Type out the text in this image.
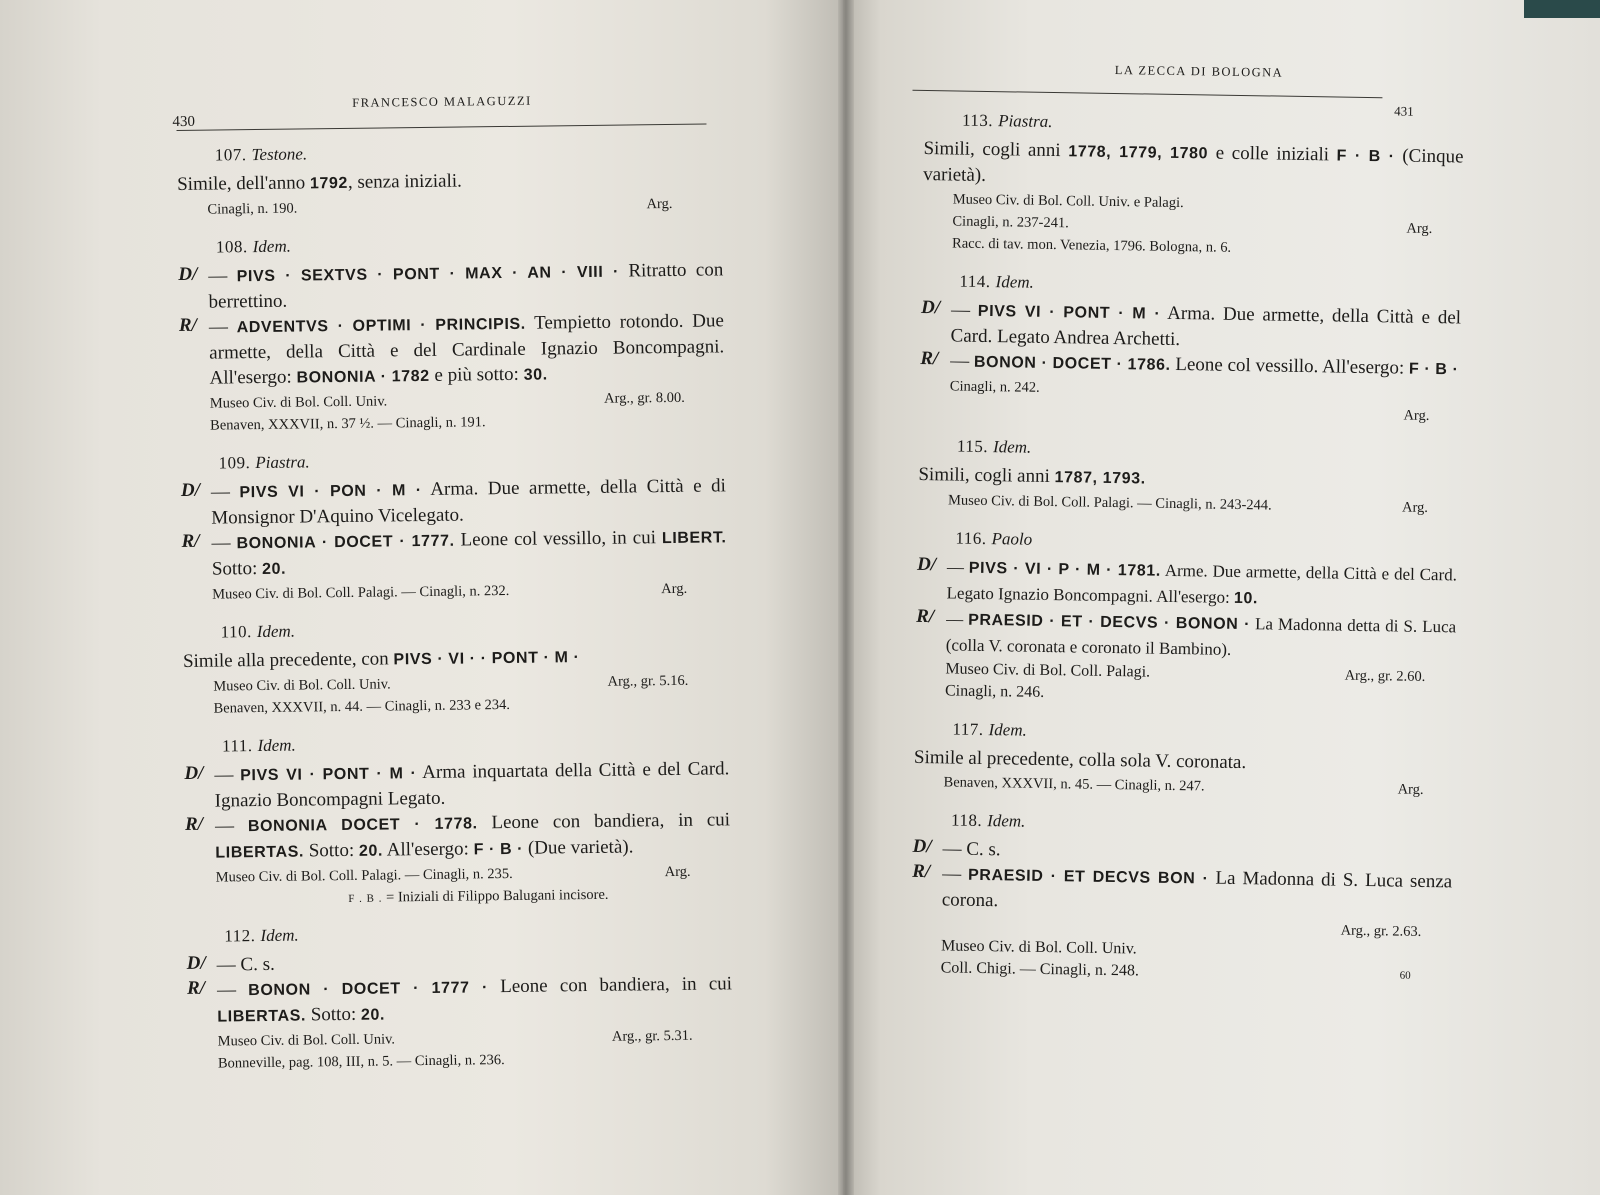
430
FRANCESCO MALAGUZZI
107. Testone.
Simile, dell'anno 1792, senza iniziali.
Cinagli, n. 190.	Arg.
108. Idem.
D/ — PIVS · SEXTVS · PONT · MAX · AN · VIII · Ritratto con berrettino.
R/ — ADVENTVS · OPTIMI · PRINCIPIS. Tempietto rotondo. Due armette, della Città e del Cardinale Ignazio Boncompagni. All'esergo: BONONIA · 1782 e più sotto: 30.
Museo Civ. di Bol. Coll. Univ.	Arg., gr. 8.00.
Benaven, XXXVII, n. 37 ½. — Cinagli, n. 191.
109. Piastra.
D/ — PIVS VI · PON · M · Arma. Due armette, della Città e di Monsignor D'Aquino Vicelegato.
R/ — BONONIA · DOCET · 1777. Leone col vessillo, in cui LIBERT. Sotto: 20.
Museo Civ. di Bol. Coll. Palagi. — Cinagli, n. 232.	Arg.
110. Idem.
Simile alla precedente, con PIVS · VI · · PONT · M ·
Museo Civ. di Bol. Coll. Univ.	Arg., gr. 5.16.
Benaven, XXXVII, n. 44. — Cinagli, n. 233 e 234.
111. Idem.
D/ — PIVS VI · PONT · M · Arma inquartata della Città e del Card. Ignazio Boncompagni Legato.
R/ — BONONIA DOCET · 1778. Leone con bandiera, in cui LIBERTAS. Sotto: 20. All'esergo: F · B · (Due varietà).
Museo Civ. di Bol. Coll. Palagi. — Cinagli, n. 235.	Arg.
F . B . = Iniziali di Filippo Balugani incisore.
112. Idem.
D/ — C. s.
R/ — BONON · DOCET · 1777 · Leone con bandiera, in cui LIBERTAS. Sotto: 20.
Museo Civ. di Bol. Coll. Univ.	Arg., gr. 5.31.
Bonneville, pag. 108, III, n. 5. — Cinagli, n. 236.
LA ZECCA DI BOLOGNA
431
113. Piastra.
Simili, cogli anni 1778, 1779, 1780 e colle iniziali F · B · (Cinque varietà).
Museo Civ. di Bol. Coll. Univ. e Palagi.
Cinagli, n. 237-241.	Arg.
Racc. di tav. mon. Venezia, 1796. Bologna, n. 6.
114. Idem.
D/ — PIVS VI · PONT · M · Arma. Due armette, della Città e del Card. Legato Andrea Archetti.
R/ — BONON · DOCET · 1786. Leone col vessillo. All'esergo: F · B ·
Cinagli, n. 242.
Arg.
115. Idem.
Simili, cogli anni 1787, 1793.
Museo Civ. di Bol. Coll. Palagi. — Cinagli, n. 243-244.	Arg.
116. Paolo
D/ — PIVS · VI · P · M · 1781. Arme. Due armette, della Città e del Card. Legato Ignazio Boncompagni. All'esergo: 10.
R/ — PRAESID · ET · DECVS · BONON · La Madonna detta di S. Luca (colla V. coronata e coronato il Bambino).
Museo Civ. di Bol. Coll. Palagi.	Arg., gr. 2.60.
Cinagli, n. 246.
117. Idem.
Simile al precedente, colla sola V. coronata.
Benaven, XXXVII, n. 45. — Cinagli, n. 247.	Arg.
118. Idem.
D/ — C. s.
R/ — PRAESID · ET DECVS BON · La Madonna di S. Luca senza corona.
Arg., gr. 2.63.
Museo Civ. di Bol. Coll. Univ.
Coll. Chigi. — Cinagli, n. 248.	60
